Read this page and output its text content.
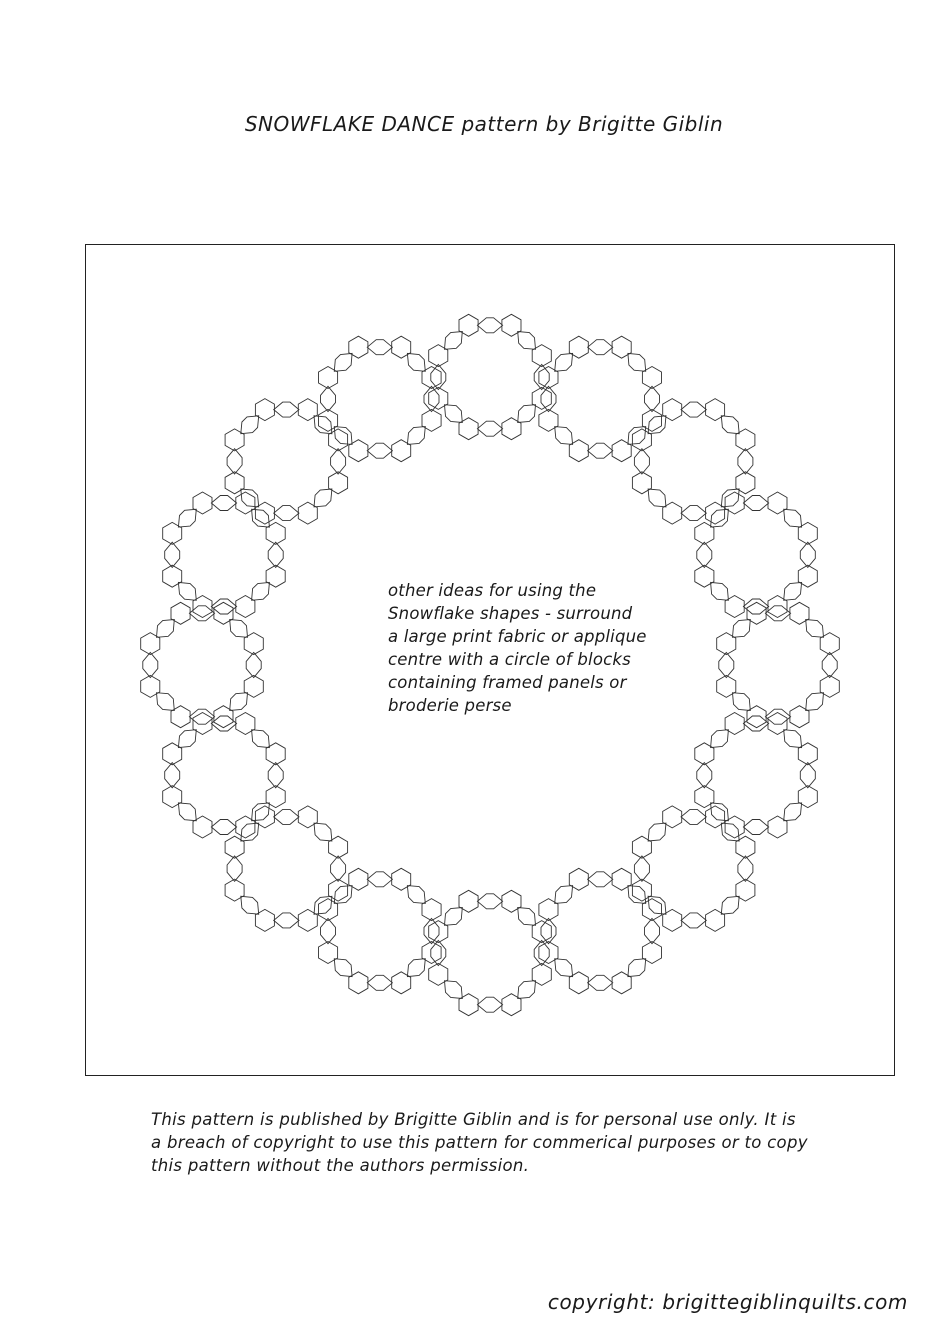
SNOWFLAKE DANCE pattern by Brigitte Giblin
other ideas for using the
Snowflake shapes - surround
a large print fabric or applique
centre with a circle of blocks
containing framed panels or
broderie perse
This pattern is published by Brigitte Giblin and is for personal use only. It is
a breach of copyright to use this pattern for commerical purposes or to copy
this pattern without the authors permission.
copyright: brigittegiblinquilts.com
